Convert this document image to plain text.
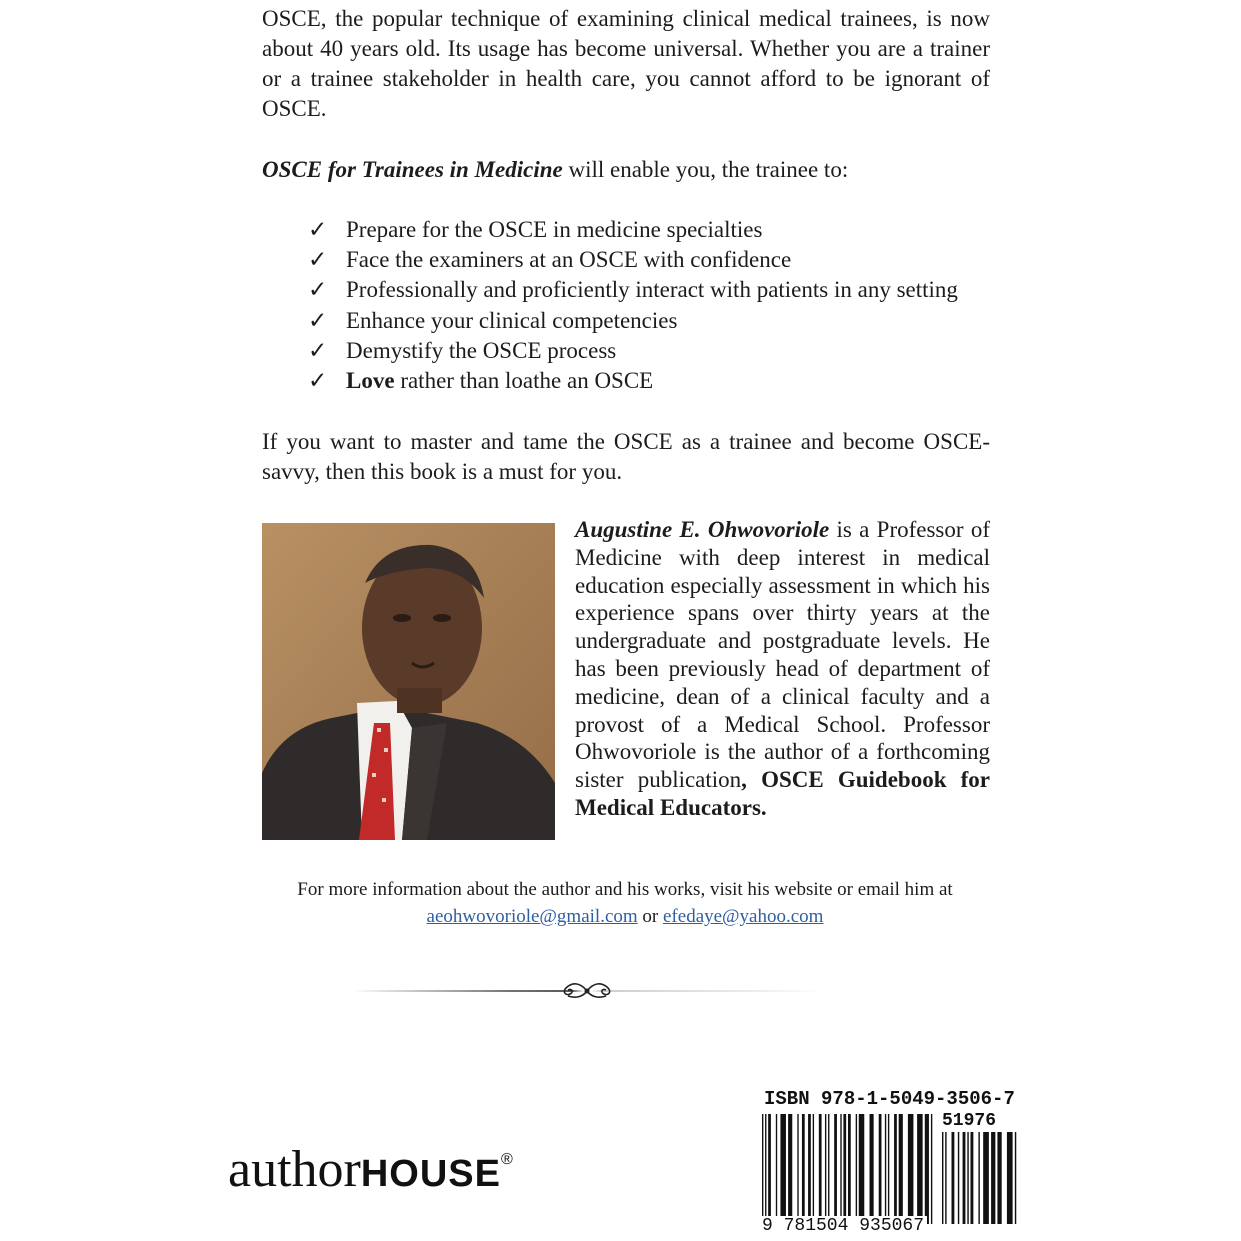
OSCE, the popular technique of examining clinical medical trainees, is now about 40 years old. Its usage has become universal. Whether you are a trainer or a trainee stakeholder in health care, you cannot afford to be ignorant of OSCE.

OSCE for Trainees in Medicine will enable you, the trainee to:

✓ Prepare for the OSCE in medicine specialties
✓ Face the examiners at an OSCE with confidence
✓ Professionally and proficiently interact with patients in any setting
✓ Enhance your clinical competencies
✓ Demystify the OSCE process
✓ Love rather than loathe an OSCE

If you want to master and tame the OSCE as a trainee and become OSCE-savvy, then this book is a must for you.

Augustine E. Ohwovoriole is a Professor of Medicine with deep interest in medical education especially assessment in which his experience spans over thirty years at the undergraduate and postgraduate levels. He has been previously head of department of medicine, dean of a clinical faculty and a provost of a Medical School. Professor Ohwovoriole is the author of a forthcoming sister publication, OSCE Guidebook for Medical Educators.

For more information about the author and his works, visit his website or email him at
aeohwovoriole@gmail.com or efedaye@yahoo.com

authorHOUSE®
ISBN 978-1-5049-3506-7
51976
9 781504 935067
